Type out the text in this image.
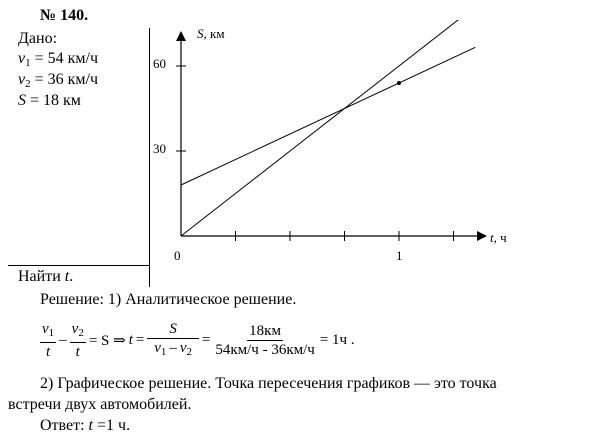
№ 140.
Дано:
$v_1 = 54$ км/ч
$v_2 = 36$ км/ч
S = 18 км
Найти t.
1
30
60
S, км
t, ч
0
Решение: 1) Аналитическое решение.
$\frac{v_1}{t} - \frac{v_2}{t} = S$ ⇒ $t = \frac{S}{v_1 - v_2} = \frac{18км}{54км/ч - 36км/ч} = 1ч$ .
2) Графическое решение. Точка пересечения графиков — это точка
встречи двух автомобилей.
Ответ: t =1 ч.
